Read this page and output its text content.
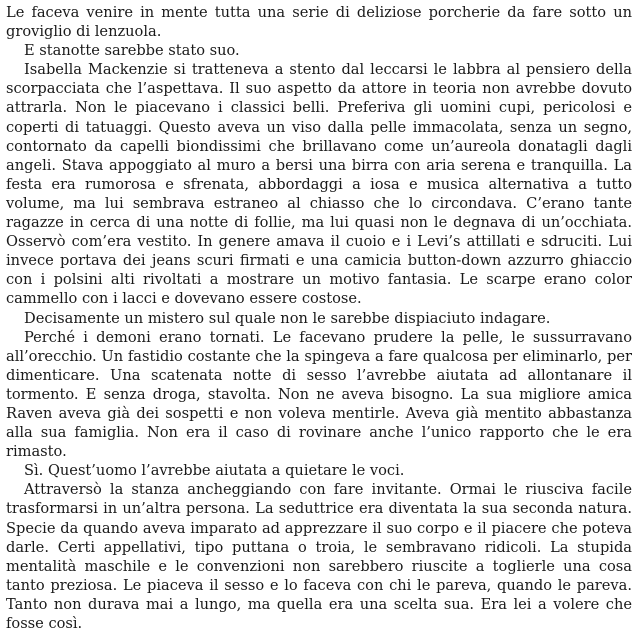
Le faceva venire in mente tutta una serie di deliziose porcherie da fare sotto un groviglio di lenzuola.

E stanotte sarebbe stato suo.

Isabella Mackenzie si tratteneva a stento dal leccarsi le labbra al pensiero della scorpacciata che l’aspettava. Il suo aspetto da attore in teoria non avrebbe dovuto attrarla. Non le piacevano i classici belli. Preferiva gli uomini cupi, pericolosi e coperti di tatuaggi. Questo aveva un viso dalla pelle immacolata, senza un segno, contornato da capelli biondissimi che brillavano come un’aureola donatagli dagli angeli. Stava appoggiato al muro a bersi una birra con aria serena e tranquilla. La festa era rumorosa e sfrenata, abbordaggi a iosa e musica alternativa a tutto volume, ma lui sembrava estraneo al chiasso che lo circondava. C’erano tante ragazze in cerca di una notte di follie, ma lui quasi non le degnava di un’occhiata. Osservò com’era vestito. In genere amava il cuoio e i Levi’s attillati e sdruciti. Lui invece portava dei jeans scuri firmati e una camicia button-down azzurro ghiaccio con i polsini alti rivoltati a mostrare un motivo fantasia. Le scarpe erano color cammello con i lacci e dovevano essere costose.

Decisamente un mistero sul quale non le sarebbe dispiaciuto indagare.

Perché i demoni erano tornati. Le facevano prudere la pelle, le sussurravano all’orecchio. Un fastidio costante che la spingeva a fare qualcosa per eliminarlo, per dimenticare. Una scatenata notte di sesso l’avrebbe aiutata ad allontanare il tormento. E senza droga, stavolta. Non ne aveva bisogno. La sua migliore amica Raven aveva già dei sospetti e non voleva mentirle. Aveva già mentito abbastanza alla sua famiglia. Non era il caso di rovinare anche l’unico rapporto che le era rimasto.

Sì. Quest’uomo l’avrebbe aiutata a quietare le voci.

Attraversò la stanza ancheggiando con fare invitante. Ormai le riusciva facile trasformarsi in un’altra persona. La seduttrice era diventata la sua seconda natura. Specie da quando aveva imparato ad apprezzare il suo corpo e il piacere che poteva darle. Certi appellativi, tipo puttana o troia, le sembravano ridicoli. La stupida mentalità maschile e le convenzioni non sarebbero riuscite a toglierle una cosa tanto preziosa. Le piaceva il sesso e lo faceva con chi le pareva, quando le pareva. Tanto non durava mai a lungo, ma quella era una scelta sua. Era lei a volere che fosse così.
